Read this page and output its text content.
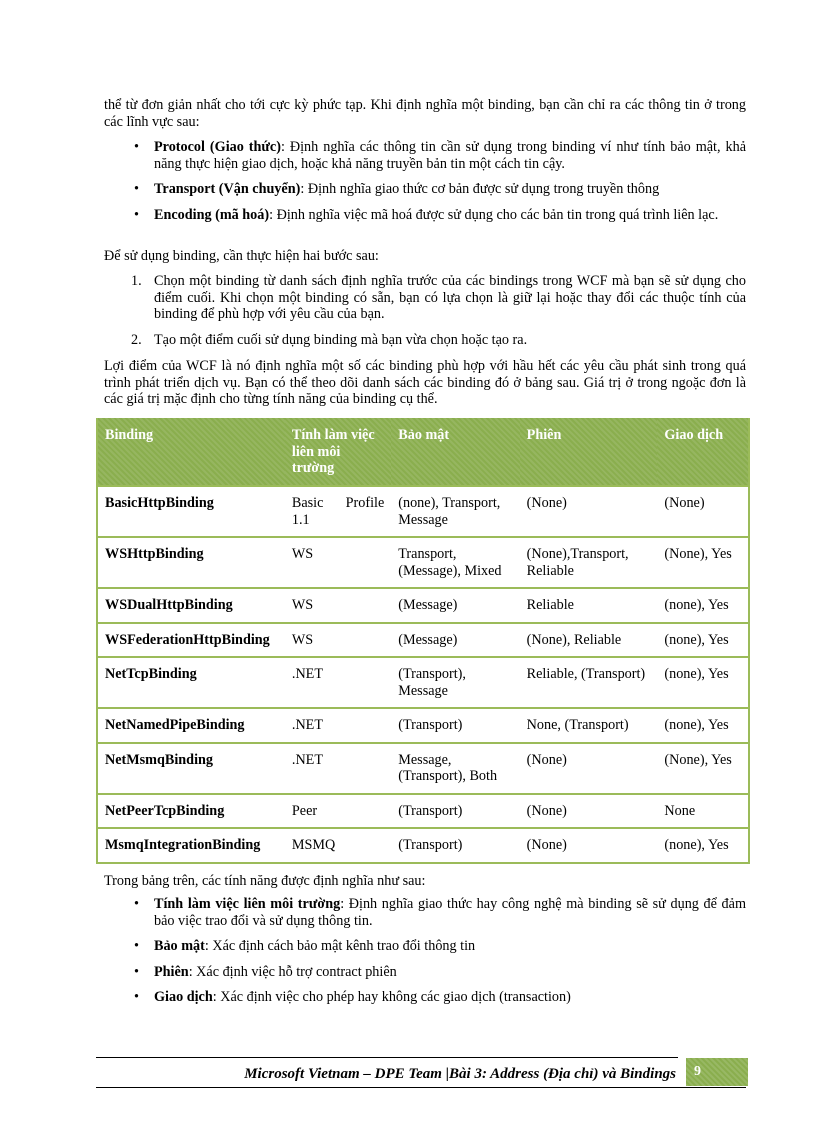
thể từ đơn giản nhất cho tới cực kỳ phức tạp. Khi định nghĩa một binding, bạn cần chỉ ra các thông tin ở trong các lĩnh vực sau:

• Protocol (Giao thức): Định nghĩa các thông tin cần sử dụng trong binding ví như tính bảo mật, khả năng thực hiện giao dịch, hoặc khả năng truyền bản tin một cách tin cậy.
• Transport (Vận chuyển): Định nghĩa giao thức cơ bản được sử dụng trong truyền thông
• Encoding (mã hoá): Định nghĩa việc mã hoá được sử dụng cho các bản tin trong quá trình liên lạc.

Để sử dụng binding, cần thực hiện hai bước sau:

1. Chọn một binding từ danh sách định nghĩa trước của các bindings trong WCF mà bạn sẽ sử dụng cho điểm cuối. Khi chọn một binding có sẵn, bạn có lựa chọn là giữ lại hoặc thay đổi các thuộc tính của binding để phù hợp với yêu cầu của bạn.
2. Tạo một điểm cuối sử dụng binding mà bạn vừa chọn hoặc tạo ra.

Lợi điểm của WCF là nó định nghĩa một số các binding phù hợp với hầu hết các yêu cầu phát sinh trong quá trình phát triển dịch vụ. Bạn có thể theo dõi danh sách các binding đó ở bảng sau. Giá trị ở trong ngoặc đơn là các giá trị mặc định cho từng tính năng của binding cụ thể.

Trong bảng trên, các tính năng được định nghĩa như sau:

• Tính làm việc liên môi trường: Định nghĩa giao thức hay công nghệ mà binding sẽ sử dụng để đảm bảo việc trao đổi và sử dụng thông tin.
• Bảo mật: Xác định cách bảo mật kênh trao đổi thông tin
• Phiên: Xác định việc hỗ trợ contract phiên
• Giao dịch: Xác định việc cho phép hay không các giao dịch (transaction)
Binding	Tính làm việc liên môi trường	Bảo mật	Phiên	Giao dịch
BasicHttpBinding	Basic Profile 1.1	(none), Transport, Message	(None)	(None)
WSHttpBinding	WS	Transport, (Message), Mixed	(None),Transport, Reliable	(None), Yes
WSDualHttpBinding	WS	(Message)	Reliable	(none), Yes
WSFederationHttpBinding	WS	(Message)	(None), Reliable	(none), Yes
NetTcpBinding	.NET	(Transport), Message	Reliable, (Transport)	(none), Yes
NetNamedPipeBinding	.NET	(Transport)	None, (Transport)	(none), Yes
NetMsmqBinding	.NET	Message, (Transport), Both	(None)	(None), Yes
NetPeerTcpBinding	Peer	(Transport)	(None)	None
MsmqIntegrationBinding	MSMQ	(Transport)	(None)	(none), Yes
Microsoft Vietnam – DPE Team |Bài 3: Address (Địa chỉ) và Bindings 9
